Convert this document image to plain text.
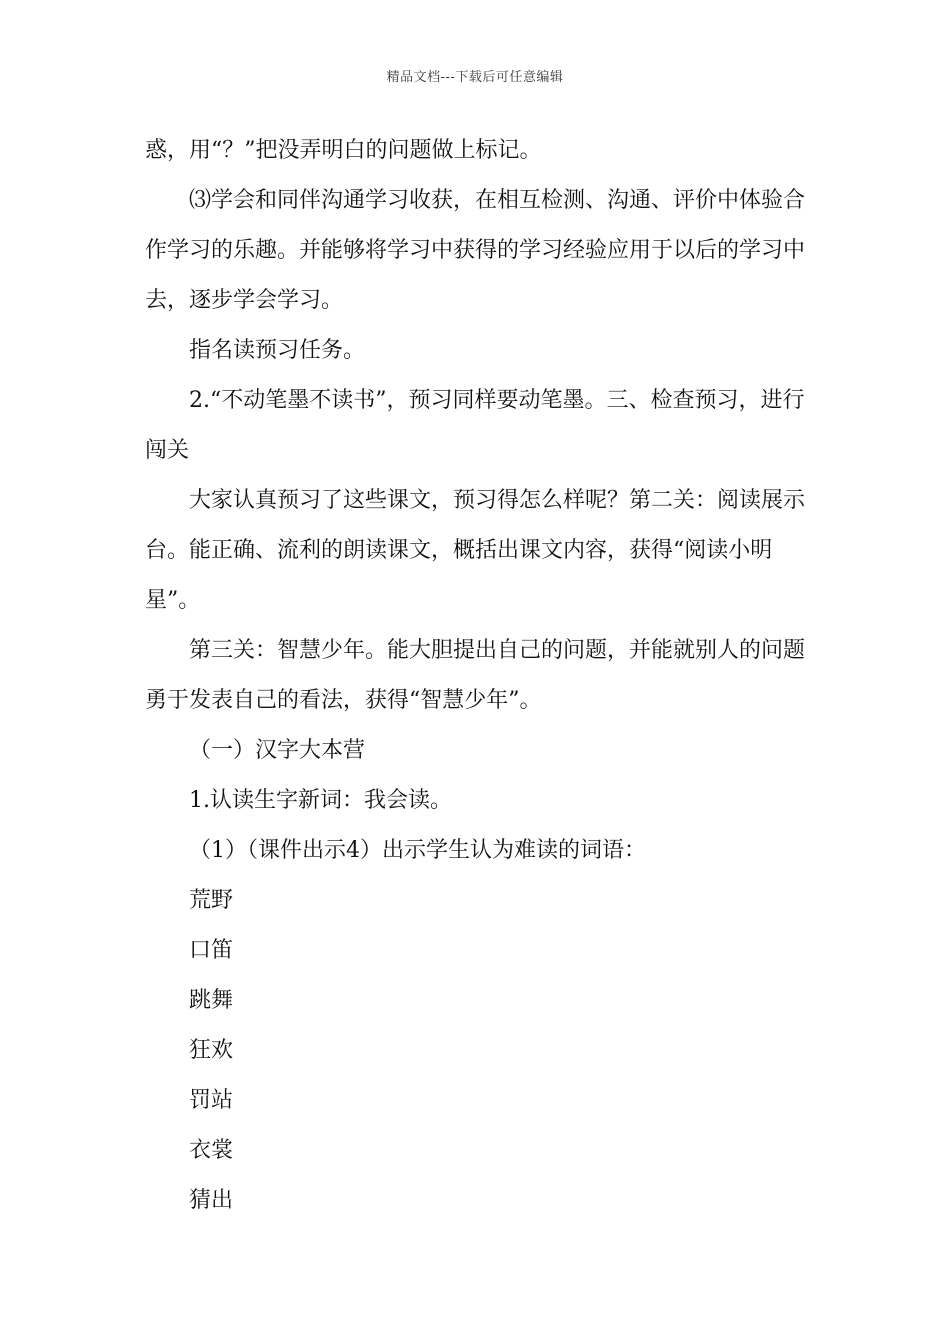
精品文档---下载后可任意编辑

惑，用“？”把没弄明白的问题做上标记。

⑶学会和同伴沟通学习收获，在相互检测、沟通、评价中体验合作学习的乐趣。并能够将学习中获得的学习经验应用于以后的学习中去，逐步学会学习。

指名读预习任务。

2.“不动笔墨不读书”，预习同样要动笔墨。三、检查预习，进行闯关

大家认真预习了这些课文，预习得怎么样呢？第二关：阅读展示台。能正确、流利的朗读课文，概括出课文内容，获得“阅读小明星”。

第三关：智慧少年。能大胆提出自己的问题，并能就别人的问题勇于发表自己的看法，获得“智慧少年”。

（一）汉字大本营

1.认读生字新词：我会读。

（1）（课件出示4）出示学生认为难读的词语：

荒野

口笛

跳舞

狂欢

罚站

衣裳

猜出
